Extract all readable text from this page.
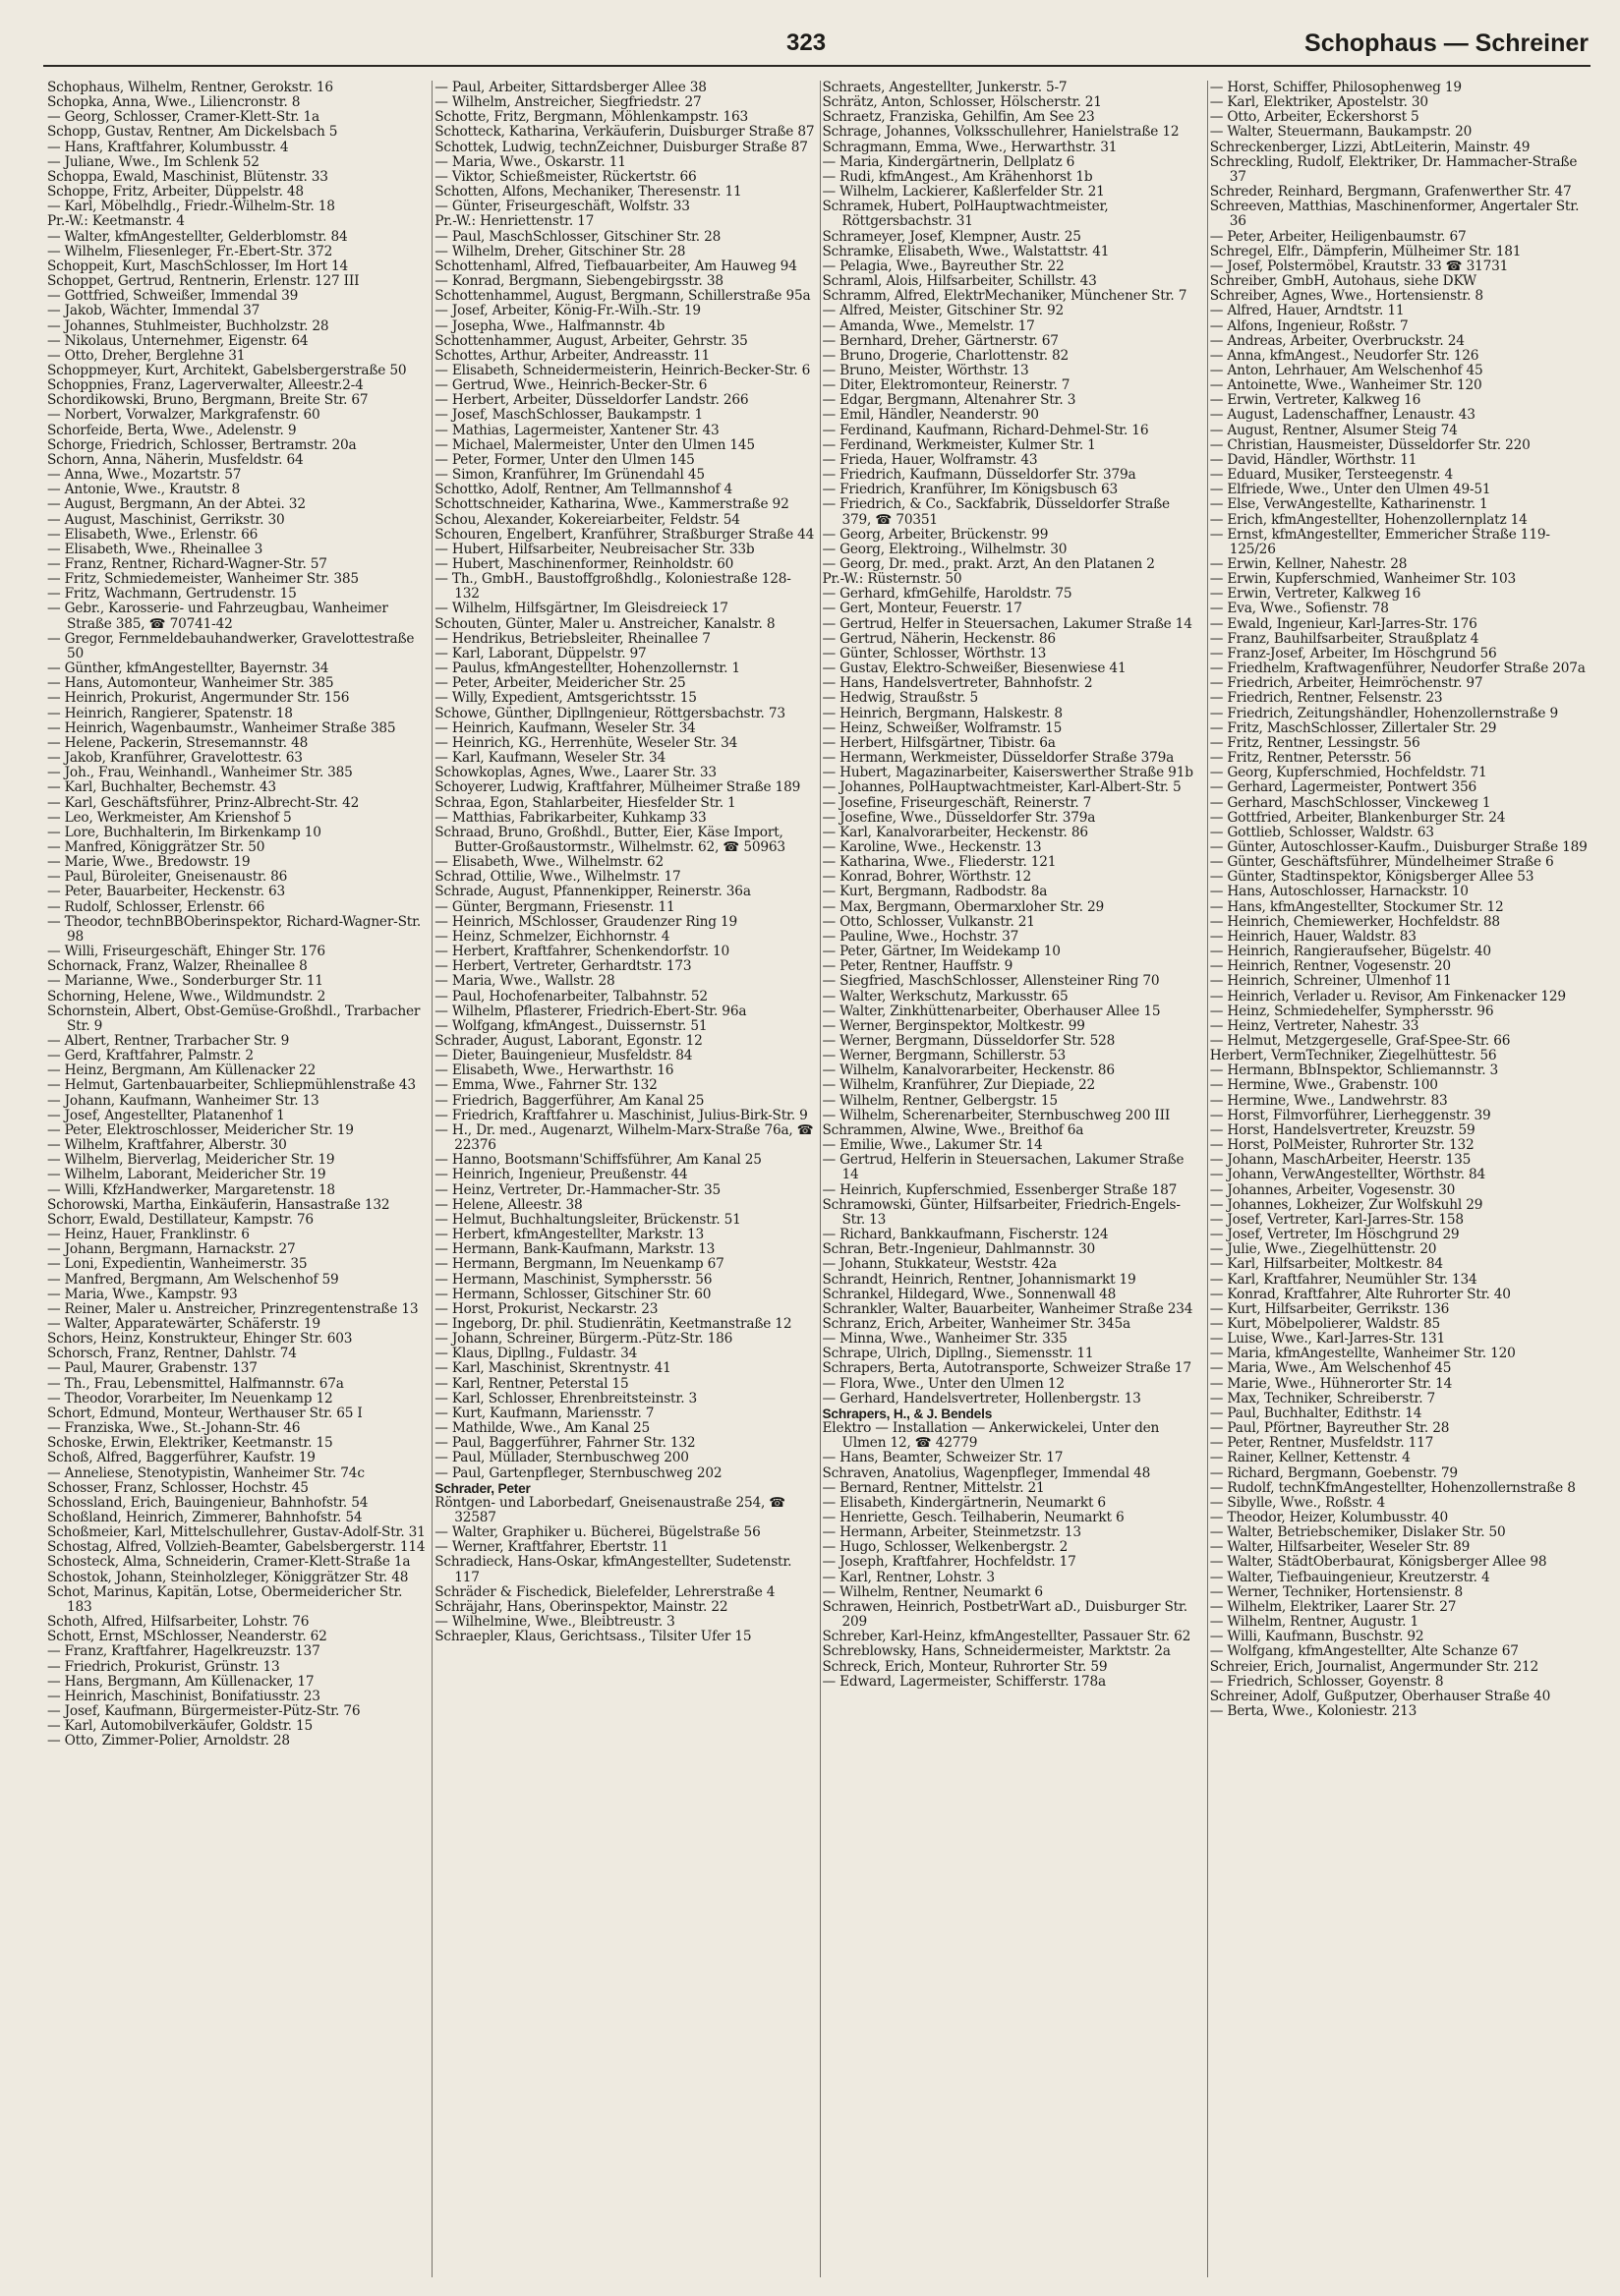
323	Schophaus — Schreiner
Schophaus, Wilhelm, Rentner, Gerokstr. 16
Schopka, Anna, Wwe., Liliencronstr. 8
— Georg, Schlosser, Cramer-Klett-Str. 1a
Schopp, Gustav, Rentner, Am Dickelsbach 5
— Hans, Kraftfahrer, Kolumbusstr. 4
— Juliane, Wwe., Im Schlenk 52
Schoppa, Ewald, Maschinist, Blütenstr. 33
Schoppe, Fritz, Arbeiter, Düppelstr. 48
— Karl, Möbelhdlg., Friedr.-Wilhelm-Str. 18
Pr.-W.: Keetmanstr. 4
— Walter, kfmAngestellter, Gelderblomstr. 84
— Wilhelm, Fliesenleger, Fr.-Ebert-Str. 372
Schoppeit, Kurt, MaschSchlosser, Im Hort 14
Schoppet, Gertrud, Rentnerin, Erlenstr. 127 III
— Gottfried, Schweißer, Immendal 39
— Jakob, Wächter, Immendal 37
— Johannes, Stuhlmeister, Buchholzstr. 28
— Nikolaus, Unternehmer, Eigenstr. 64
— Otto, Dreher, Berglehne 31
Schoppmeyer, Kurt, Architekt, Gabelsbergerstraße 50
Schoppnies, Franz, Lagerverwalter, Alleestr.2-4
Schordikowski, Bruno, Bergmann, Breite Str. 67
— Norbert, Vorwalzer, Markgrafenstr. 60
Schorfeide, Berta, Wwe., Adelenstr. 9
Schorge, Friedrich, Schlosser, Bertramstr. 20a
Schorn, Anna, Näherin, Musfeldstr. 64
— Anna, Wwe., Mozartstr. 57
— Antonie, Wwe., Krautstr. 8
— August, Bergmann, An der Abtei. 32
— August, Maschinist, Gerrikstr. 30
— Elisabeth, Wwe., Erlenstr. 66
— Elisabeth, Wwe., Rheinallee 3
— Franz, Rentner, Richard-Wagner-Str. 57
— Fritz, Schmiedemeister, Wanheimer Str. 385
— Fritz, Wachmann, Gertrudenstr. 15
— Gebr., Karosserie- und Fahrzeugbau, Wanheimer Straße 385, ☎ 70741-42
— Gregor, Fernmeldebauhandwerker, Gravelottestraße 50
— Günther, kfmAngestellter, Bayernstr. 34
— Hans, Automonteur, Wanheimer Str. 385
— Heinrich, Prokurist, Angermunder Str. 156
— Heinrich, Rangierer, Spatenstr. 18
— Heinrich, Wagenbaumstr., Wanheimer Straße 385
— Helene, Packerin, Stresemannstr. 48
— Jakob, Kranführer, Gravelottestr. 63
— Joh., Frau, Weinhandl., Wanheimer Str. 385
— Karl, Buchhalter, Bechemstr. 43
— Karl, Geschäftsführer, Prinz-Albrecht-Str. 42
— Leo, Werkmeister, Am Krienshof 5
— Lore, Buchhalterin, Im Birkenkamp 10
— Manfred, Königgrätzer Str. 50
— Marie, Wwe., Bredowstr. 19
— Paul, Büroleiter, Gneisenaustr. 86
— Peter, Bauarbeiter, Heckenstr. 63
— Rudolf, Schlosser, Erlenstr. 66
— Theodor, technBBOberinspektor, Richard-Wagner-Str. 98
— Willi, Friseurgeschäft, Ehinger Str. 176
Schornack, Franz, Walzer, Rheinallee 8
— Marianne, Wwe., Sonderburger Str. 11
Schorning, Helene, Wwe., Wildmundstr. 2
Schornstein, Albert, Obst-Gemüse-Großhdl., Trarbacher Str. 9
— Albert, Rentner, Trarbacher Str. 9
— Gerd, Kraftfahrer, Palmstr. 2
— Heinz, Bergmann, Am Küllenacker 22
— Helmut, Gartenbauarbeiter, Schliepmühlenstraße 43
— Johann, Kaufmann, Wanheimer Str. 13
— Josef, Angestellter, Platanenhof 1
— Peter, Elektroschlosser, Meidericher Str. 19
— Wilhelm, Kraftfahrer, Alberstr. 30
— Wilhelm, Bierverlag, Meidericher Str. 19
— Wilhelm, Laborant, Meidericher Str. 19
— Willi, KfzHandwerker, Margaretenstr. 18
Schorowski, Martha, Einkäuferin, Hansastraße 132
Schorr, Ewald, Destillateur, Kampstr. 76
— Heinz, Hauer, Franklinstr. 6
— Johann, Bergmann, Harnackstr. 27
— Loni, Expedientin, Wanheimerstr. 35
— Manfred, Bergmann, Am Welschenhof 59
— Maria, Wwe., Kampstr. 93
— Reiner, Maler u. Anstreicher, Prinzregentenstraße 13
— Walter, Apparatewärter, Schäferstr. 19
Schors, Heinz, Konstrukteur, Ehinger Str. 603
Schorsch, Franz, Rentner, Dahlstr. 74
— Paul, Maurer, Grabenstr. 137
— Th., Frau, Lebensmittel, Halfmannstr. 67a
— Theodor, Vorarbeiter, Im Neuenkamp 12
Schort, Edmund, Monteur, Werthauser Str. 65 I
— Franziska, Wwe., St.-Johann-Str. 46
Schoske, Erwin, Elektriker, Keetmanstr. 15
Schoß, Alfred, Baggerführer, Kaufstr. 19
— Anneliese, Stenotypistin, Wanheimer Str. 74c
Schosser, Franz, Schlosser, Hochstr. 45
Schossland, Erich, Bauingenieur, Bahnhofstr. 54
Schoßland, Heinrich, Zimmerer, Bahnhofstr. 54
Schoßmeier, Karl, Mittelschullehrer, Gustav-Adolf-Str. 31
Schostag, Alfred, Vollzieh-Beamter, Gabelsbergerstr. 114
Schosteck, Alma, Schneiderin, Cramer-Klett-Straße 1a
Schostok, Johann, Steinholzleger, Königgrätzer Str. 48
Schot, Marinus, Kapitän, Lotse, Obermeidericher Str. 183
Schoth, Alfred, Hilfsarbeiter, Lohstr. 76
Schott, Ernst, MSchlosser, Neanderstr. 62
— Franz, Kraftfahrer, Hagelkreuzstr. 137
— Friedrich, Prokurist, Grünstr. 13
— Hans, Bergmann, Am Küllenacker, 17
— Heinrich, Maschinist, Bonifatiusstr. 23
— Josef, Kaufmann, Bürgermeister-Pütz-Str. 76
— Karl, Automobilverkäufer, Goldstr. 15
— Otto, Zimmer-Polier, Arnoldstr. 28
— Paul, Arbeiter, Sittardsberger Allee 38
— Wilhelm, Anstreicher, Siegfriedstr. 27
Schotte, Fritz, Bergmann, Möhlenkampstr. 163
Schotteck, Katharina, Verkäuferin, Duisburger Straße 87
Schottek, Ludwig, technZeichner, Duisburger Straße 87
— Maria, Wwe., Oskarstr. 11
— Viktor, Schießmeister, Rückertstr. 66
Schotten, Alfons, Mechaniker, Theresenstr. 11
— Günter, Friseurgeschäft, Wolfstr. 33
Pr.-W.: Henriettenstr. 17
— Paul, MaschSchlosser, Gitschiner Str. 28
— Wilhelm, Dreher, Gitschiner Str. 28
Schottenhaml, Alfred, Tiefbauarbeiter, Am Hauweg 94
— Konrad, Bergmann, Siebengebirgsstr. 38
Schottenhammel, August, Bergmann, Schillerstraße 95a
— Josef, Arbeiter, König-Fr.-Wilh.-Str. 19
— Josepha, Wwe., Halfmannstr. 4b
Schottenhammer, August, Arbeiter, Gehrstr. 35
Schottes, Arthur, Arbeiter, Andreasstr. 11
— Elisabeth, Schneidermeisterin, Heinrich-Becker-Str. 6
— Gertrud, Wwe., Heinrich-Becker-Str. 6
— Herbert, Arbeiter, Düsseldorfer Landstr. 266
— Josef, MaschSchlosser, Baukampstr. 1
— Mathias, Lagermeister, Xantener Str. 43
— Michael, Malermeister, Unter den Ulmen 145
— Peter, Former, Unter den Ulmen 145
— Simon, Kranführer, Im Grünendahl 45
Schottko, Adolf, Rentner, Am Tellmannshof 4
Schottschneider, Katharina, Wwe., Kammerstraße 92
Schou, Alexander, Kokereiarbeiter, Feldstr. 54
Schouren, Engelbert, Kranführer, Straßburger Straße 44
— Hubert, Hilfsarbeiter, Neubreisacher Str. 33b
— Hubert, Maschinenformer, Reinholdstr. 60
— Th., GmbH., Baustoffgroßhdlg., Koloniestraße 128-132
— Wilhelm, Hilfsgärtner, Im Gleisdreieck 17
Schouten, Günter, Maler u. Anstreicher, Kanalstr. 8
— Hendrikus, Betriebsleiter, Rheinallee 7
— Karl, Laborant, Düppelstr. 97
— Paulus, kfmAngestellter, Hohenzollernstr. 1
— Peter, Arbeiter, Meidericher Str. 25
— Willy, Expedient, Amtsgerichtsstr. 15
Schowe, Günther, Dipllngenieur, Röttgersbachstr. 73
— Heinrich, Kaufmann, Weseler Str. 34
— Heinrich, KG., Herrenhüte, Weseler Str. 34
— Karl, Kaufmann, Weseler Str. 34
Schowkoplas, Agnes, Wwe., Laarer Str. 33
Schoyerer, Ludwig, Kraftfahrer, Mülheimer Straße 189
Schraa, Egon, Stahlarbeiter, Hiesfelder Str. 1
— Matthias, Fabrikarbeiter, Kuhkamp 33
Schraad, Bruno, Großhdl., Butter, Eier, Käse Import, Butter-Großaustormstr., Wilhelmstr. 62, ☎ 50963
— Elisabeth, Wwe., Wilhelmstr. 62
Schrad, Ottilie, Wwe., Wilhelmstr. 17
Schrade, August, Pfannenkipper, Reinerstr. 36a
— Günter, Bergmann, Friesenstr. 11
— Heinrich, MSchlosser, Graudenzer Ring 19
— Heinz, Schmelzer, Eichhornstr. 4
— Herbert, Kraftfahrer, Schenkendorfstr. 10
— Herbert, Vertreter, Gerhardtstr. 173
— Maria, Wwe., Wallstr. 28
— Paul, Hochofenarbeiter, Talbahnstr. 52
— Wilhelm, Pflasterer, Friedrich-Ebert-Str. 96a
— Wolfgang, kfmAngest., Duissernstr. 51
Schrader, August, Laborant, Egonstr. 12
— Dieter, Bauingenieur, Musfeldstr. 84
— Elisabeth, Wwe., Herwarthstr. 16
— Emma, Wwe., Fahrner Str. 132
— Friedrich, Baggerführer, Am Kanal 25
— Friedrich, Kraftfahrer u. Maschinist, Julius-Birk-Str. 9
— H., Dr. med., Augenarzt, Wilhelm-Marx-Straße 76a, ☎ 22376
— Hanno, Bootsmann'Schiffsführer, Am Kanal 25
— Heinrich, Ingenieur, Preußenstr. 44
— Heinz, Vertreter, Dr.-Hammacher-Str. 35
— Helene, Alleestr. 38
— Helmut, Buchhaltungsleiter, Brückenstr. 51
— Herbert, kfmAngestellter, Markstr. 13
— Hermann, Bank-Kaufmann, Markstr. 13
— Hermann, Bergmann, Im Neuenkamp 67
— Hermann, Maschinist, Symphersstr. 56
— Hermann, Schlosser, Gitschiner Str. 60
— Horst, Prokurist, Neckarstr. 23
— Ingeborg, Dr. phil. Studienrätin, Keetmanstraße 12
— Johann, Schreiner, Bürgerm.-Pütz-Str. 186
— Klaus, Dipllng., Fuldastr. 34
— Karl, Maschinist, Skrentnystr. 41
— Karl, Rentner, Peterstal 15
— Karl, Schlosser, Ehrenbreitsteinstr. 3
— Kurt, Kaufmann, Mariensstr. 7
— Mathilde, Wwe., Am Kanal 25
— Paul, Baggerführer, Fahrner Str. 132
— Paul, Müllader, Sternbuschweg 200
— Paul, Gartenpfleger, Sternbuschweg 202
Schrader, Peter
Röntgen- und Laborbedarf, Gneisenaustraße 254, ☎ 32587
— Walter, Graphiker u. Bücherei, Bügelstraße 56
— Werner, Kraftfahrer, Ebertstr. 11
Schradieck, Hans-Oskar, kfmAngestellter, Sudetenstr. 117
Schräder & Fischedick, Bielefelder, Lehrerstraße 4
Schräjahr, Hans, Oberinspektor, Mainstr. 22
— Wilhelmine, Wwe., Bleibtreustr. 3
Schraepler, Klaus, Gerichtsass., Tilsiter Ufer 15
Schraets, Angestellter, Junkerstr. 5-7
Schrätz, Anton, Schlosser, Hölscherstr. 21
Schraetz, Franziska, Gehilfin, Am See 23
Schrage, Johannes, Volksschullehrer, Hanielstraße 12
Schragmann, Emma, Wwe., Herwarthstr. 31
— Maria, Kindergärtnerin, Dellplatz 6
— Rudi, kfmAngest., Am Krähenhorst 1b
— Wilhelm, Lackierer, Kaßlerfelder Str. 21
Schramek, Hubert, PolHauptwachtmeister, Röttgersbachstr. 31
Schrameyer, Josef, Klempner, Austr. 25
Schramke, Elisabeth, Wwe., Walstattstr. 41
— Pelagia, Wwe., Bayreuther Str. 22
Schraml, Alois, Hilfsarbeiter, Schillstr. 43
Schramm, Alfred, ElektrMechaniker, Münchener Str. 7
— Alfred, Meister, Gitschiner Str. 92
— Amanda, Wwe., Memelstr. 17
— Bernhard, Dreher, Gärtnerstr. 67
— Bruno, Drogerie, Charlottenstr. 82
— Bruno, Meister, Wörthstr. 13
— Diter, Elektromonteur, Reinerstr. 7
— Edgar, Bergmann, Altenahrer Str. 3
— Emil, Händler, Neanderstr. 90
— Ferdinand, Kaufmann, Richard-Dehmel-Str. 16
— Ferdinand, Werkmeister, Kulmer Str. 1
— Frieda, Hauer, Wolframstr. 43
— Friedrich, Kaufmann, Düsseldorfer Str. 379a
— Friedrich, Kranführer, Im Königsbusch 63
— Friedrich, & Co., Sackfabrik, Düsseldorfer Straße 379, ☎ 70351
— Georg, Arbeiter, Brückenstr. 99
— Georg, Elektroing., Wilhelmstr. 30
— Georg, Dr. med., prakt. Arzt, An den Platanen 2
Pr.-W.: Rüsternstr. 50
— Gerhard, kfmGehilfe, Haroldstr. 75
— Gert, Monteur, Feuerstr. 17
— Gertrud, Helfer in Steuersachen, Lakumer Straße 14
— Gertrud, Näherin, Heckenstr. 86
— Günter, Schlosser, Wörthstr. 13
— Gustav, Elektro-Schweißer, Biesenwiese 41
— Hans, Handelsvertreter, Bahnhofstr. 2
— Hedwig, Straußstr. 5
— Heinrich, Bergmann, Halskestr. 8
— Heinz, Schweißer, Wolframstr. 15
— Herbert, Hilfsgärtner, Tibistr. 6a
— Hermann, Werkmeister, Düsseldorfer Straße 379a
— Hubert, Magazinarbeiter, Kaiserswerther Straße 91b
— Johannes, PolHauptwachtmeister, Karl-Albert-Str. 5
— Josefine, Friseurgeschäft, Reinerstr. 7
— Josefine, Wwe., Düsseldorfer Str. 379a
— Karl, Kanalvorarbeiter, Heckenstr. 86
— Karoline, Wwe., Heckenstr. 13
— Katharina, Wwe., Fliederstr. 121
— Konrad, Bohrer, Wörthstr. 12
— Kurt, Bergmann, Radbodstr. 8a
— Max, Bergmann, Obermarxloher Str. 29
— Otto, Schlosser, Vulkanstr. 21
— Pauline, Wwe., Hochstr. 37
— Peter, Gärtner, Im Weidekamp 10
— Peter, Rentner, Hauffstr. 9
— Siegfried, MaschSchlosser, Allensteiner Ring 70
— Walter, Werkschutz, Markusstr. 65
— Walter, Zinkhüttenarbeiter, Oberhauser Allee 15
— Werner, Berginspektor, Moltkestr. 99
— Werner, Bergmann, Düsseldorfer Str. 528
— Werner, Bergmann, Schillerstr. 53
— Wilhelm, Kanalvorarbeiter, Heckenstr. 86
— Wilhelm, Kranführer, Zur Diepiade, 22
— Wilhelm, Rentner, Gelbergstr. 15
— Wilhelm, Scherenarbeiter, Sternbuschweg 200 III
Schrammen, Alwine, Wwe., Breithof 6a
— Emilie, Wwe., Lakumer Str. 14
— Gertrud, Helferin in Steuersachen, Lakumer Straße 14
— Heinrich, Kupferschmied, Essenberger Straße 187
Schramowski, Günter, Hilfsarbeiter, Friedrich-Engels-Str. 13
— Richard, Bankkaufmann, Fischerstr. 124
Schran, Betr.-Ingenieur, Dahlmannstr. 30
— Johann, Stukkateur, Weststr. 42a
Schrandt, Heinrich, Rentner, Johannismarkt 19
Schrankel, Hildegard, Wwe., Sonnenwall 48
Schrankler, Walter, Bauarbeiter, Wanheimer Straße 234
Schranz, Erich, Arbeiter, Wanheimer Str. 345a
— Minna, Wwe., Wanheimer Str. 335
Schrape, Ulrich, Dipllng., Siemensstr. 11
Schrapers, Berta, Autotransporte, Schweizer Straße 17
— Flora, Wwe., Unter den Ulmen 12
— Gerhard, Handelsvertreter, Hollenbergstr. 13
Schrapers, H., & J. Bendels
Elektro — Installation — Ankerwickelei, Unter den Ulmen 12, ☎ 42779
— Hans, Beamter, Schweizer Str. 17
Schraven, Anatolius, Wagenpfleger, Immendal 48
— Bernard, Rentner, Mittelstr. 21
— Elisabeth, Kindergärtnerin, Neumarkt 6
— Henriette, Gesch. Teilhaberin, Neumarkt 6
— Hermann, Arbeiter, Steinmetzstr. 13
— Hugo, Schlosser, Welkenbergstr. 2
— Joseph, Kraftfahrer, Hochfeldstr. 17
— Karl, Rentner, Lohstr. 3
— Wilhelm, Rentner, Neumarkt 6
Schrawen, Heinrich, PostbetrWart aD., Duisburger Str. 209
Schreber, Karl-Heinz, kfmAngestellter, Passauer Str. 62
Schreblowsky, Hans, Schneidermeister, Marktstr. 2a
Schreck, Erich, Monteur, Ruhrorter Str. 59
— Edward, Lagermeister, Schifferstr. 178a
— Horst, Schiffer, Philosophenweg 19
— Karl, Elektriker, Apostelstr. 30
— Otto, Arbeiter, Eckershorst 5
— Walter, Steuermann, Baukampstr. 20
Schreckenberger, Lizzi, AbtLeiterin, Mainstr. 49
Schreckling, Rudolf, Elektriker, Dr. Hammacher-Straße 37
Schreder, Reinhard, Bergmann, Grafenwerther Str. 47
Schreeven, Matthias, Maschinenformer, Angertaler Str. 36
— Peter, Arbeiter, Heiligenbaumstr. 67
Schregel, Elfr., Dämpferin, Mülheimer Str. 181
— Josef, Polstermöbel, Krautstr. 33 ☎ 31731
Schreiber, GmbH, Autohaus, siehe DKW
Schreiber, Agnes, Wwe., Hortensienstr. 8
— Alfred, Hauer, Arndtstr. 11
— Alfons, Ingenieur, Roßstr. 7
— Andreas, Arbeiter, Overbruckstr. 24
— Anna, kfmAngest., Neudorfer Str. 126
— Anton, Lehrhauer, Am Welschenhof 45
— Antoinette, Wwe., Wanheimer Str. 120
— Erwin, Vertreter, Kalkweg 16
— August, Ladenschaffner, Lenaustr. 43
— August, Rentner, Alsumer Steig 74
— Christian, Hausmeister, Düsseldorfer Str. 220
— David, Händler, Wörthstr. 11
— Eduard, Musiker, Tersteegenstr. 4
— Elfriede, Wwe., Unter den Ulmen 49-51
— Else, VerwAngestellte, Katharinenstr. 1
— Erich, kfmAngestellter, Hohenzollernplatz 14
— Ernst, kfmAngestellter, Emmericher Straße 119-125/26
— Erwin, Kellner, Nahestr. 28
— Erwin, Kupferschmied, Wanheimer Str. 103
— Erwin, Vertreter, Kalkweg 16
— Eva, Wwe., Sofienstr. 78
— Ewald, Ingenieur, Karl-Jarres-Str. 176
— Franz, Bauhilfsarbeiter, Straußplatz 4
— Franz-Josef, Arbeiter, Im Höschgrund 56
— Friedhelm, Kraftwagenführer, Neudorfer Straße 207a
— Friedrich, Arbeiter, Heimröchenstr. 97
— Friedrich, Rentner, Felsenstr. 23
— Friedrich, Zeitungshändler, Hohenzollernstraße 9
— Fritz, MaschSchlosser, Zillertaler Str. 29
— Fritz, Rentner, Lessingstr. 56
— Fritz, Rentner, Petersstr. 56
— Georg, Kupferschmied, Hochfeldstr. 71
— Gerhard, Lagermeister, Pontwert 356
— Gerhard, MaschSchlosser, Vinckeweg 1
— Gottfried, Arbeiter, Blankenburger Str. 24
— Gottlieb, Schlosser, Waldstr. 63
— Günter, Autoschlosser-Kaufm., Duisburger Straße 189
— Günter, Geschäftsführer, Mündelheimer Straße 6
— Günter, Stadtinspektor, Königsberger Allee 53
— Hans, Autoschlosser, Harnackstr. 10
— Hans, kfmAngestellter, Stockumer Str. 12
— Heinrich, Chemiewerker, Hochfeldstr. 88
— Heinrich, Hauer, Waldstr. 83
— Heinrich, Rangieraufseher, Bügelstr. 40
— Heinrich, Rentner, Vogesenstr. 20
— Heinrich, Schreiner, Ulmenhof 11
— Heinrich, Verlader u. Revisor, Am Finkenacker 129
— Heinz, Schmiedehelfer, Symphersstr. 96
— Heinz, Vertreter, Nahestr. 33
— Helmut, Metzgergeselle, Graf-Spee-Str. 66
Herbert, VermTechniker, Ziegelhüttestr. 56
— Hermann, BbInspektor, Schliemannstr. 3
— Hermine, Wwe., Grabenstr. 100
— Hermine, Wwe., Landwehrstr. 83
— Horst, Filmvorführer, Lierheggenstr. 39
— Horst, Handelsvertreter, Kreuzstr. 59
— Horst, PolMeister, Ruhrorter Str. 132
— Johann, MaschArbeiter, Heerstr. 135
— Johann, VerwAngestellter, Wörthstr. 84
— Johannes, Arbeiter, Vogesenstr. 30
— Johannes, Lokheizer, Zur Wolfskuhl 29
— Josef, Vertreter, Karl-Jarres-Str. 158
— Josef, Vertreter, Im Höschgrund 29
— Julie, Wwe., Ziegelhüttenstr. 20
— Karl, Hilfsarbeiter, Moltkestr. 84
— Karl, Kraftfahrer, Neumühler Str. 134
— Konrad, Kraftfahrer, Alte Ruhrorter Str. 40
— Kurt, Hilfsarbeiter, Gerrikstr. 136
— Kurt, Möbelpolierer, Waldstr. 85
— Luise, Wwe., Karl-Jarres-Str. 131
— Maria, kfmAngestellte, Wanheimer Str. 120
— Maria, Wwe., Am Welschenhof 45
— Marie, Wwe., Hühnerorter Str. 14
— Max, Techniker, Schreiberstr. 7
— Paul, Buchhalter, Edithstr. 14
— Paul, Pförtner, Bayreuther Str. 28
— Peter, Rentner, Musfeldstr. 117
— Rainer, Kellner, Kettenstr. 4
— Richard, Bergmann, Goebenstr. 79
— Rudolf, technKfmAngestellter, Hohenzollernstraße 8
— Sibylle, Wwe., Roßstr. 4
— Theodor, Heizer, Kolumbusstr. 40
— Walter, Betriebschemiker, Dislaker Str. 50
— Walter, Hilfsarbeiter, Weseler Str. 89
— Walter, StädtOberbaurat, Königsberger Allee 98
— Walter, Tiefbauingenieur, Kreutzerstr. 4
— Werner, Techniker, Hortensienstr. 8
— Wilhelm, Elektriker, Laarer Str. 27
— Wilhelm, Rentner, Augustr. 1
— Willi, Kaufmann, Buschstr. 92
— Wolfgang, kfmAngestellter, Alte Schanze 67
Schreier, Erich, Journalist, Angermunder Str. 212
— Friedrich, Schlosser, Goyenstr. 8
Schreiner, Adolf, Gußputzer, Oberhauser Straße 40
— Berta, Wwe., Koloniestr. 213
